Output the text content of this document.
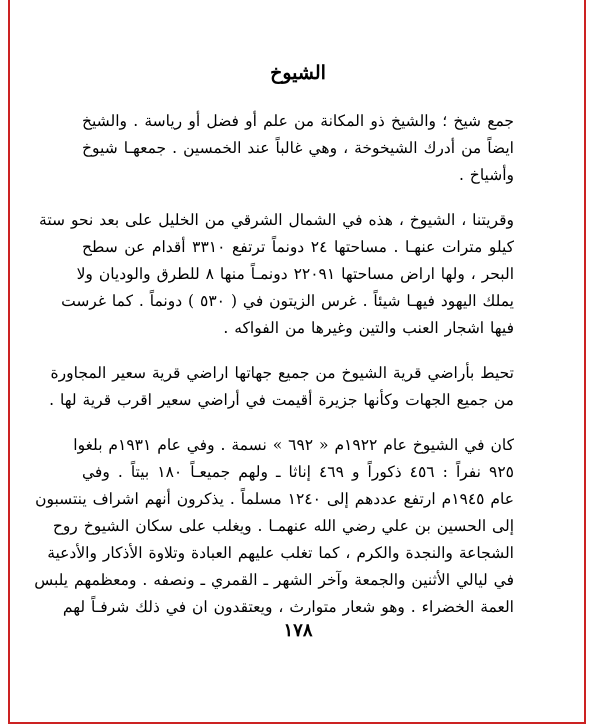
الشيوخ
جمع شيخ ؛ والشيخ ذو المكانة من علم أو فضل أو رياسة . والشيخ
ايضاً من أدرك الشيخوخة ، وهي غالباً عند الخمسين . جمعهـا شيوخ
وأشياخ .
وقريتنا ، الشيوخ ، هذه في الشمال الشرقي من الخليل على بعد نحو ستة
كيلو مترات عنهـا . مساحتها ٢٤ دونماً ترتفع ٣٣١٠ أقدام عن سطح
البحر ، ولها اراض مساحتها ٢٢٠٩١ دونمـاً منها ٨ للطرق والوديان ولا
يملك اليهود فيهـا شيئاً . غرس الزيتون في ( ٥٣٠ ) دونماً . كما غرست
فيها اشجار العنب والتين وغيرها من الفواكه .
تحيط بأراضي قرية الشيوخ من جميع جهاتها اراضي قرية سعير المجاورة
من جميع الجهات وكأنها جزيرة أقيمت في أراضي سعير اقرب قرية لها .
كان في الشيوخ عام ١٩٢٢م « ٦٩٢ » نسمة . وفي عام ١٩٣١م بلغوا
٩٢٥ نفراً : ٤٥٦ ذكوراً و ٤٦٩ إناثا ـ ولهم جميعـاً ١٨٠ بيتاً . وفي
عام ١٩٤٥م ارتفع عددهم إلى ١٢٤٠ مسلماً . يذكرون أنهم اشراف ينتسبون
إلى الحسين بن علي رضي الله عنهمـا . ويغلب على سكان الشيوخ روح
الشجاعة والنجدة والكرم ، كما تغلب عليهم العبادة وتلاوة الأذكار والأدعية
في ليالي الأثنين والجمعة وآخر الشهر ـ القمري ـ ونصفه . ومعظمهم يلبس
العمة الخضراء . وهو شعار متوارث ، ويعتقدون ان في ذلك شرفـاً لهم
١٧٨
